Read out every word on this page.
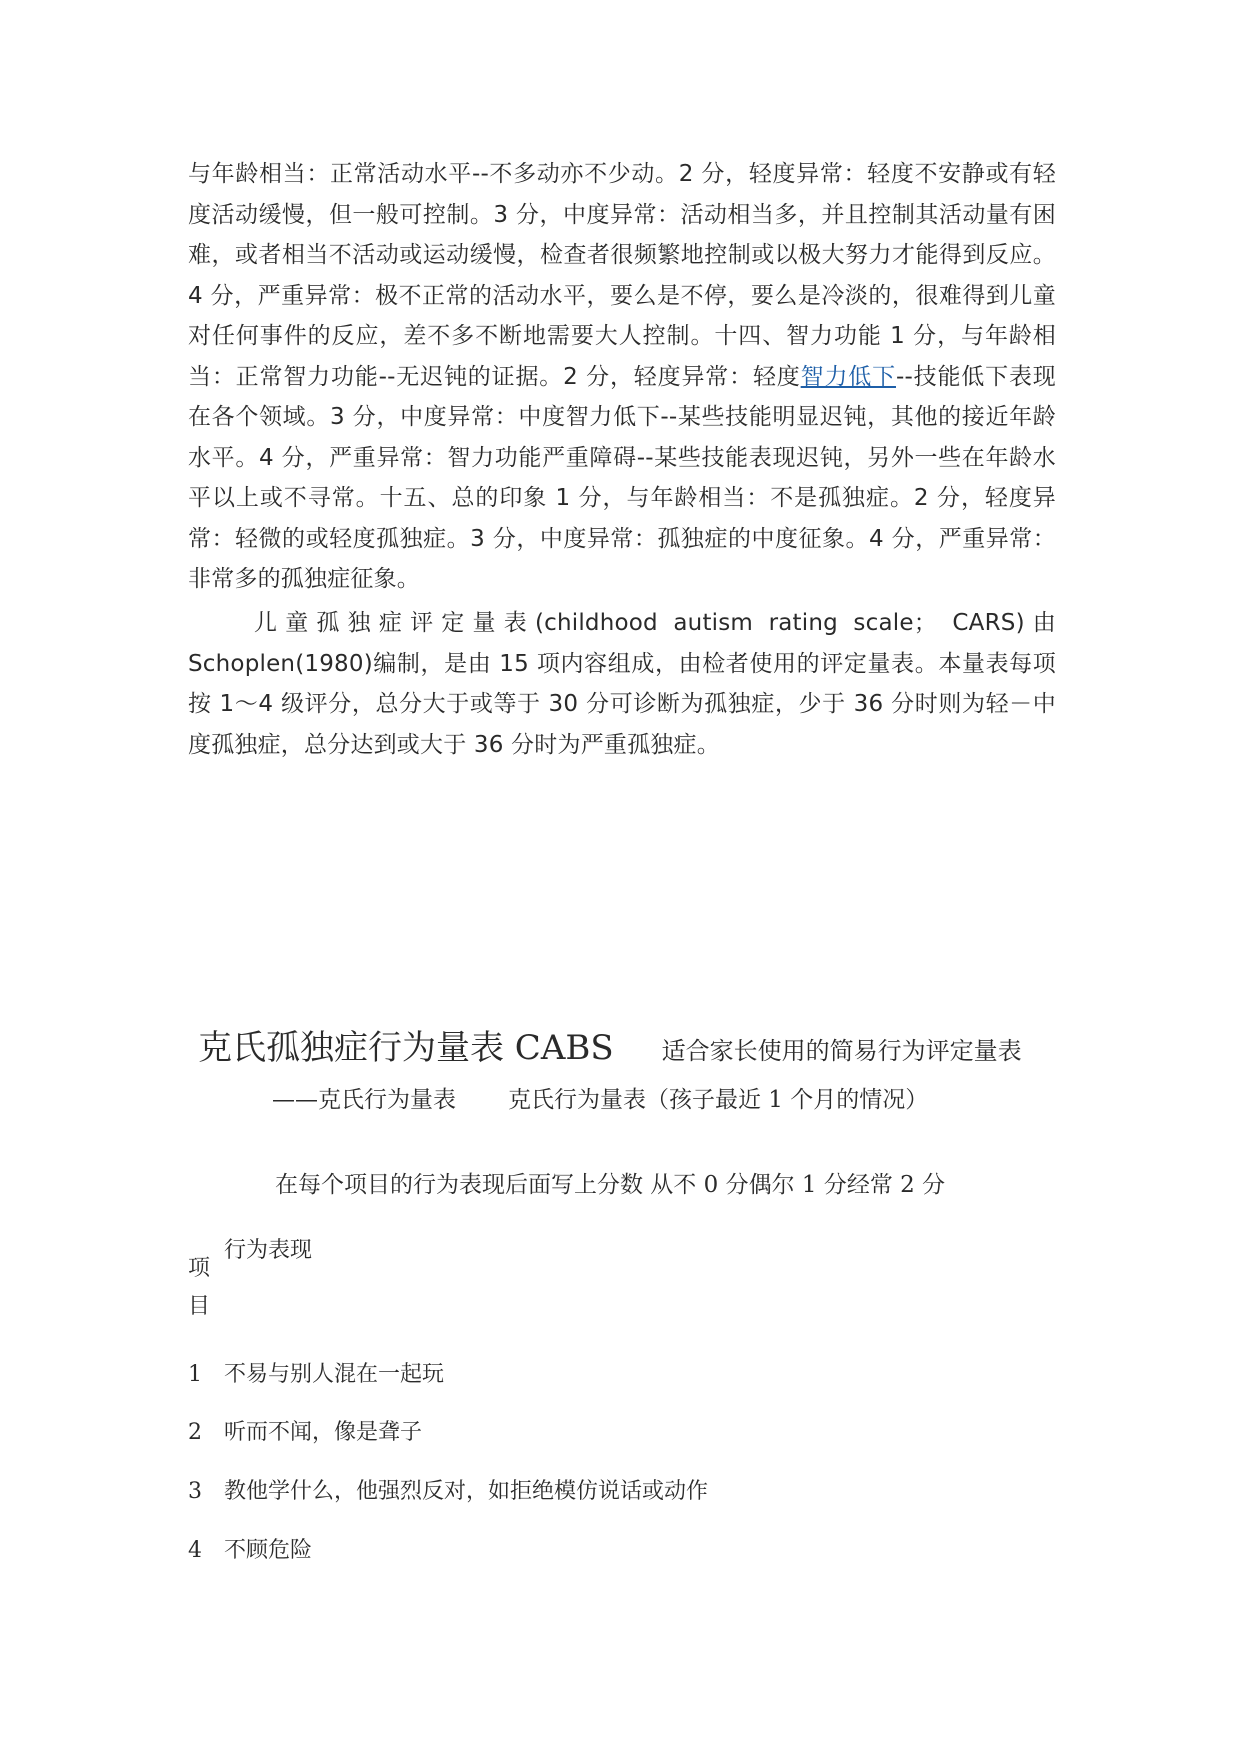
与年龄相当：正常活动水平--不多动亦不少动。2 分，轻度异常：轻度不安静或有轻度活动缓慢，但一般可控制。3 分，中度异常：活动相当多，并且控制其活动量有困难，或者相当不活动或运动缓慢，检查者很频繁地控制或以极大努力才能得到反应。4 分，严重异常：极不正常的活动水平，要么是不停，要么是冷淡的，很难得到儿童对任何事件的反应，差不多不断地需要大人控制。十四、智力功能 1 分，与年龄相当：正常智力功能--无迟钝的证据。2 分，轻度异常：轻度智力低下--技能低下表现在各个领域。3 分，中度异常：中度智力低下--某些技能明显迟钝，其他的接近年龄水平。4 分，严重异常：智力功能严重障碍--某些技能表现迟钝，另外一些在年龄水平以上或不寻常。十五、总的印象 1 分，与年龄相当：不是孤独症。2 分，轻度异常：轻微的或轻度孤独症。3 分，中度异常：孤独症的中度征象。4 分，严重异常：非常多的孤独症征象。
儿童孤独症评定量表(childhood autism rating scale； CARS)由 Schoplen(1980)编制，是由 15 项内容组成，由检者使用的评定量表。本量表每项按 1～4 级评分，总分大于或等于 30 分可诊断为孤独症，少于 36 分时则为轻－中度孤独症，总分达到或大于 36 分时为严重孤独症。
克氏孤独症行为量表 CABS 适合家长使用的简易行为评定量表
——克氏行为量表 克氏行为量表（孩子最近 1 个月的情况）
在每个项目的行为表现后面写上分数 从不 0 分偶尔 1 分经常 2 分
项目
行为表现
1 不易与别人混在一起玩
2 听而不闻，像是聋子
3 教他学什么，他强烈反对，如拒绝模仿说话或动作
4 不顾危险
